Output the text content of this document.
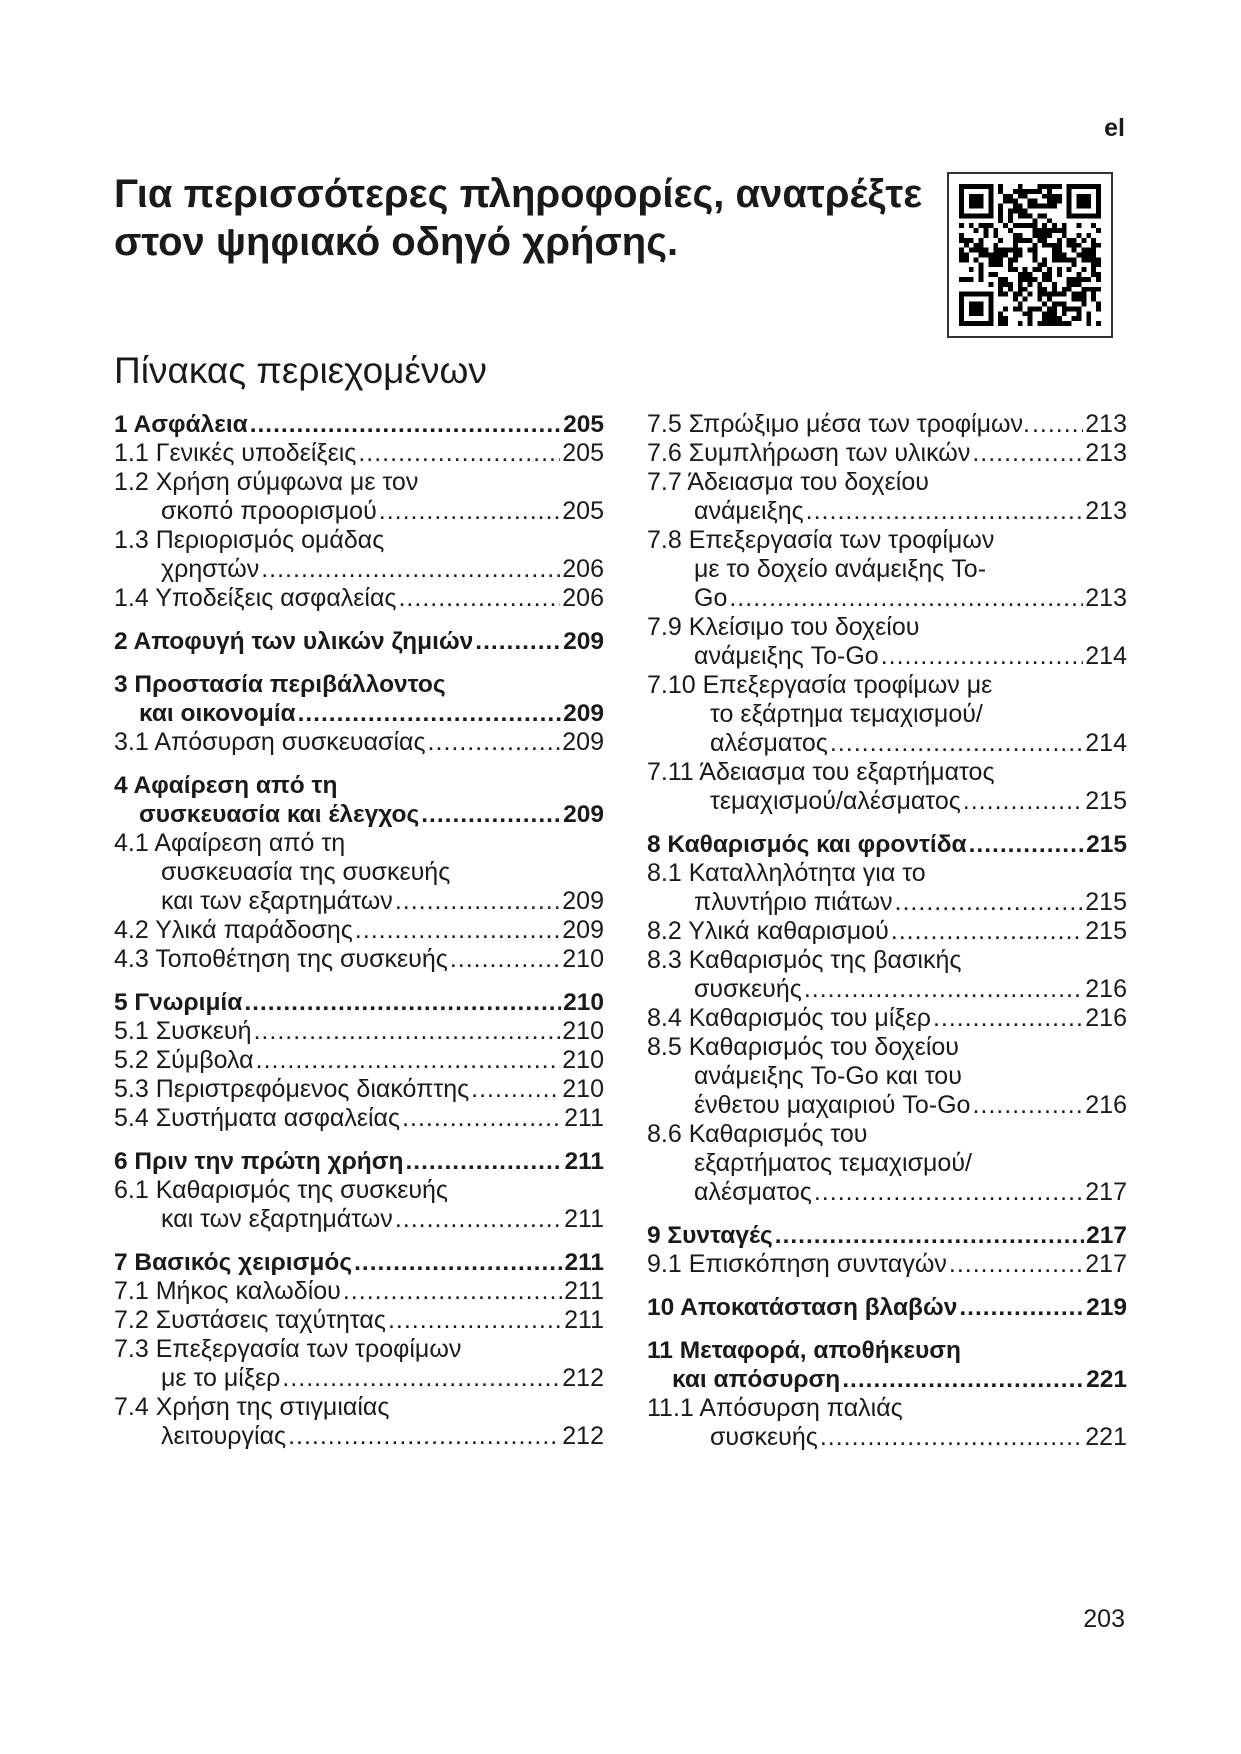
el
Για περισσότερες πληροφορίες, ανατρέξτε στον ψηφιακό οδηγό χρήσης.
Πίνακας περιεχομένων
1 Ασφάλεια .....	205
1.1 Γενικές υποδείξεις .....	205
1.2 Χρήση σύμφωνα με τον
σκοπό προορισμού .....	205
1.3 Περιορισμός ομάδας
χρηστών .....	206
1.4 Υποδείξεις ασφαλείας .....	206
2 Αποφυγή των υλικών ζημιών .....	209
3 Προστασία περιβάλλοντος
και οικονομία .....	209
3.1 Απόσυρση συσκευασίας .....	209
4 Αφαίρεση από τη
συσκευασία και έλεγχος .....	209
4.1 Αφαίρεση από τη
συσκευασία της συσκευής
και των εξαρτημάτων .....	209
4.2 Υλικά παράδοσης .....	209
4.3 Τοποθέτηση της συσκευής .....	210
5 Γνωριμία .....	210
5.1 Συσκευή .....	210
5.2 Σύμβολα .....	210
5.3 Περιστρεφόμενος διακόπτης .....	210
5.4 Συστήματα ασφαλείας .....	211
6 Πριν την πρώτη χρήση .....	211
6.1 Καθαρισμός της συσκευής
και των εξαρτημάτων .....	211
7 Βασικός χειρισμός .....	211
7.1 Μήκος καλωδίου .....	211
7.2 Συστάσεις ταχύτητας .....	211
7.3 Επεξεργασία των τροφίμων
με το μίξερ .....	212
7.4 Χρήση της στιγμιαίας
λειτουργίας .....	212
7.5 Σπρώξιμο μέσα των τροφίμων. ..... 213
7.6 Συμπλήρωση των υλικών .....	213
7.7 Άδειασμα του δοχείου
ανάμειξης .....	213
7.8 Επεξεργασία των τροφίμων
με το δοχείο ανάμειξης To-
Go .....	213
7.9 Κλείσιμο του δοχείου
ανάμειξης To-Go .....	214
7.10 Επεξεργασία τροφίμων με
το εξάρτημα τεμαχισμού/
αλέσματος .....	214
7.11 Άδειασμα του εξαρτήματος
τεμαχισμού/αλέσματος .....	215
8 Καθαρισμός και φροντίδα .....	215
8.1 Καταλληλότητα για το
πλυντήριο πιάτων .....	215
8.2 Υλικά καθαρισμού .....	215
8.3 Καθαρισμός της βασικής
συσκευής .....	216
8.4 Καθαρισμός του μίξερ .....	216
8.5 Καθαρισμός του δοχείου
ανάμειξης To-Go και του
ένθετου μαχαιριού To-Go .....	216
8.6 Καθαρισμός του
εξαρτήματος τεμαχισμού/
αλέσματος .....	217
9 Συνταγές .....	217
9.1 Επισκόπηση συνταγών .....	217
10 Αποκατάσταση βλαβών .....	219
11 Μεταφορά, αποθήκευση
και απόσυρση .....	221
11.1 Απόσυρση παλιάς
συσκευής .....	221
203
